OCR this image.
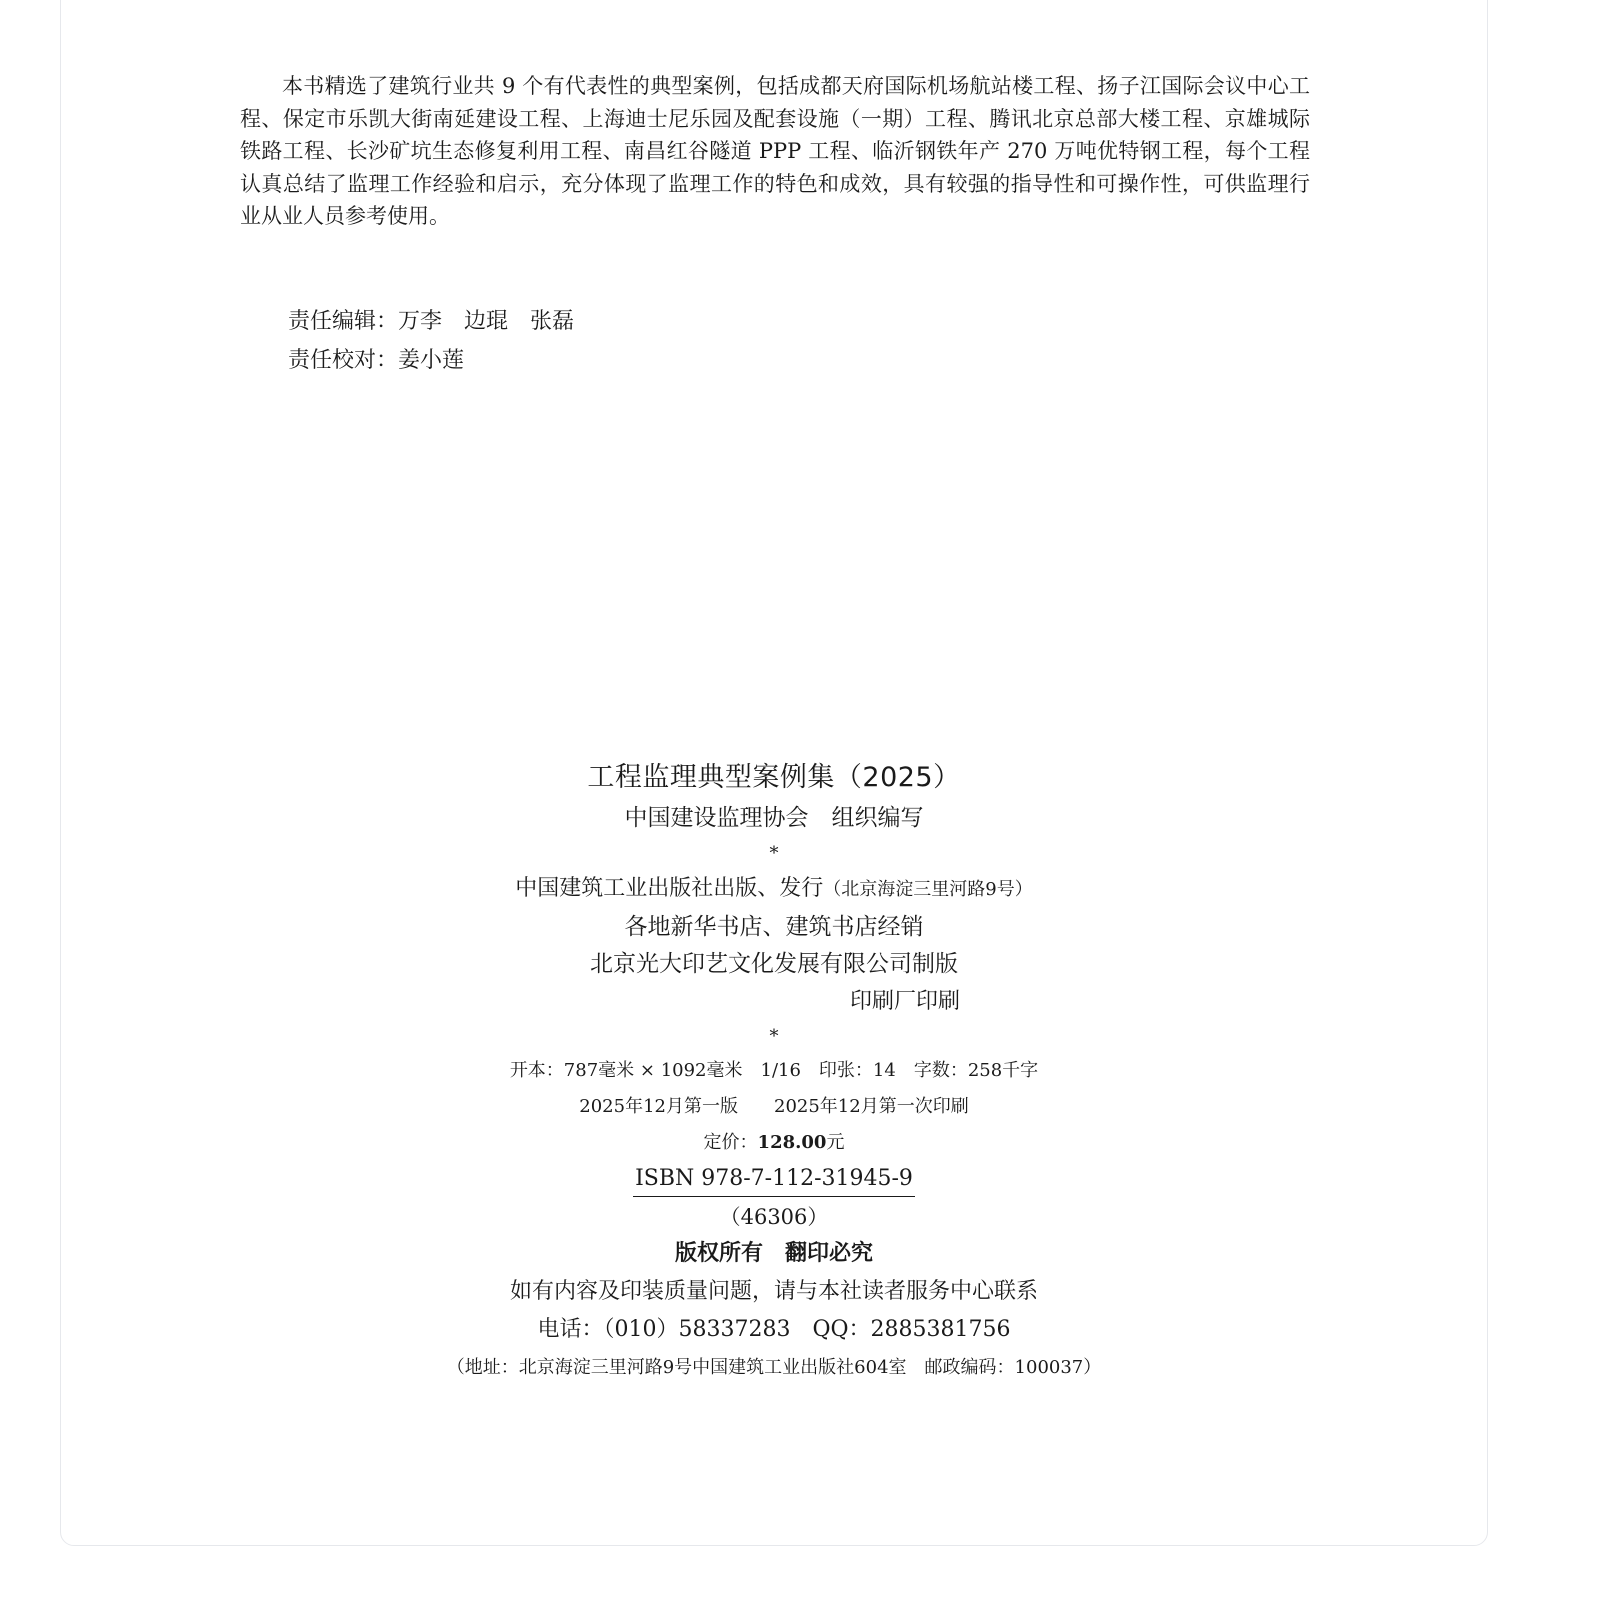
本书精选了建筑行业共 9 个有代表性的典型案例，包括成都天府国际机场航站楼工程、扬子江国际会议中心工程、保定市乐凯大街南延建设工程、上海迪士尼乐园及配套设施（一期）工程、腾讯北京总部大楼工程、京雄城际铁路工程、长沙矿坑生态修复利用工程、南昌红谷隧道 PPP 工程、临沂钢铁年产 270 万吨优特钢工程，每个工程认真总结了监理工作经验和启示，充分体现了监理工作的特色和成效，具有较强的指导性和可操作性，可供监理行业从业人员参考使用。

责任编辑：万李　边琨　张磊
责任校对：姜小莲
工程监理典型案例集（2025）
中国建设监理协会　组织编写
*
中国建筑工业出版社出版、发行（北京海淀三里河路9号）
各地新华书店、建筑书店经销
北京光大印艺文化发展有限公司制版
印刷厂印刷
*
开本：787毫米 × 1092毫米　1/16　印张：14　字数：258千字
2025年12月第一版　　2025年12月第一次印刷
定价：128.00元
ISBN 978-7-112-31945-9
（46306）
版权所有　翻印必究
如有内容及印装质量问题，请与本社读者服务中心联系
电话：（010）58337283　QQ：2885381756
（地址：北京海淀三里河路9号中国建筑工业出版社604室　邮政编码：100037）
